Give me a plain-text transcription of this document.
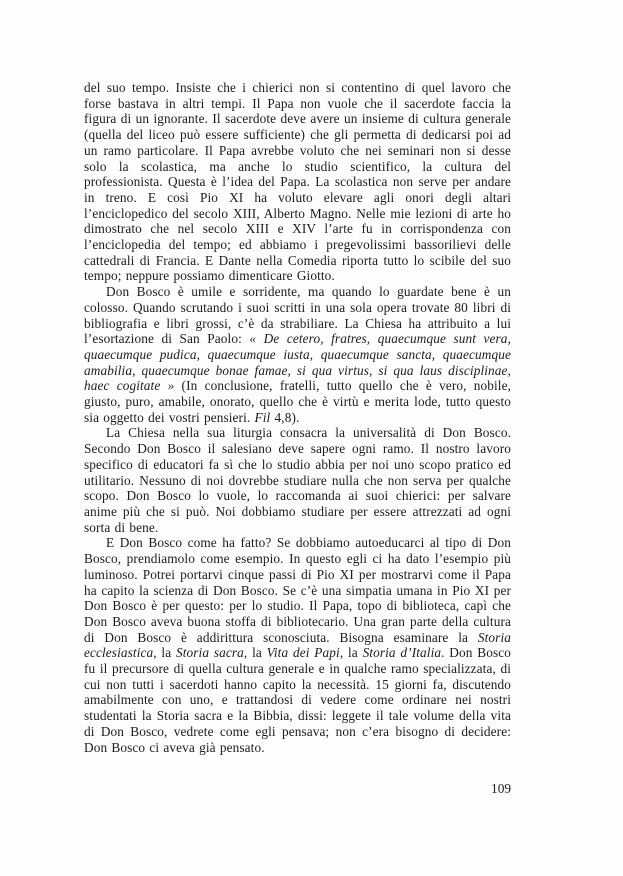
del suo tempo. Insiste che i chierici non si contentino di quel lavoro che forse bastava in altri tempi. Il Papa non vuole che il sacerdote faccia la figura di un ignorante. Il sacerdote deve avere un insieme di cultura generale (quella del liceo può essere sufficiente) che gli permetta di dedicarsi poi ad un ramo particolare. Il Papa avrebbe voluto che nei seminari non si desse solo la scolastica, ma anche lo studio scientifico, la cultura del professionista. Questa è l’idea del Papa. La scolastica non serve per andare in treno. E così Pio XI ha voluto elevare agli onori degli altari l’enciclopedico del secolo XIII, Alberto Magno. Nelle mie lezioni di arte ho dimostrato che nel secolo XIII e XIV l’arte fu in corrispondenza con l’enciclopedia del tempo; ed abbiamo i pregevolissimi bassorilievi delle cattedrali di Francia. E Dante nella Comedia riporta tutto lo scibile del suo tempo; neppure possiamo dimenticare Giotto.

Don Bosco è umile e sorridente, ma quando lo guardate bene è un colosso. Quando scrutando i suoi scritti in una sola opera trovate 80 libri di bibliografia e libri grossi, c’è da strabiliare. La Chiesa ha attribuito a lui l’esortazione di San Paolo: « De cetero, fratres, quaecumque sunt vera, quaecumque pudica, quaecumque iusta, quaecumque sancta, quaecumque amabilia, quaecumque bonae famae, si qua virtus, si qua laus disciplinae, haec cogitate » (In conclusione, fratelli, tutto quello che è vero, nobile, giusto, puro, amabile, onorato, quello che è virtù e merita lode, tutto questo sia oggetto dei vostri pensieri. Fil 4,8).

La Chiesa nella sua liturgia consacra la universalità di Don Bosco. Secondo Don Bosco il salesiano deve sapere ogni ramo. Il nostro lavoro specifico di educatori fa sì che lo studio abbia per noi uno scopo pratico ed utilitario. Nessuno di noi dovrebbe studiare nulla che non serva per qualche scopo. Don Bosco lo vuole, lo raccomanda ai suoi chierici: per salvare anime più che si può. Noi dobbiamo studiare per essere attrezzati ad ogni sorta di bene.

E Don Bosco come ha fatto? Se dobbiamo autoeducarci al tipo di Don Bosco, prendiamolo come esempio. In questo egli ci ha dato l’esempio più luminoso. Potrei portarvi cinque passi di Pio XI per mostrarvi come il Papa ha capito la scienza di Don Bosco. Se c’è una simpatia umana in Pio XI per Don Bosco è per questo: per lo studio. Il Papa, topo di biblioteca, capì che Don Bosco aveva buona stoffa di bibliotecario. Una gran parte della cultura di Don Bosco è addirittura sconosciuta. Bisogna esaminare la Storia ecclesiastica, la Storia sacra, la Vita dei Papi, la Storia d’Italia. Don Bosco fu il precursore di quella cultura generale e in qualche ramo specializzata, di cui non tutti i sacerdoti hanno capito la necessità. 15 giorni fa, discutendo amabilmente con uno, e trattandosi di vedere come ordinare nei nostri studentati la Storia sacra e la Bibbia, dissi: leggete il tale volume della vita di Don Bosco, vedrete come egli pensava; non c’era bisogno di decidere: Don Bosco ci aveva già pensato.

109
